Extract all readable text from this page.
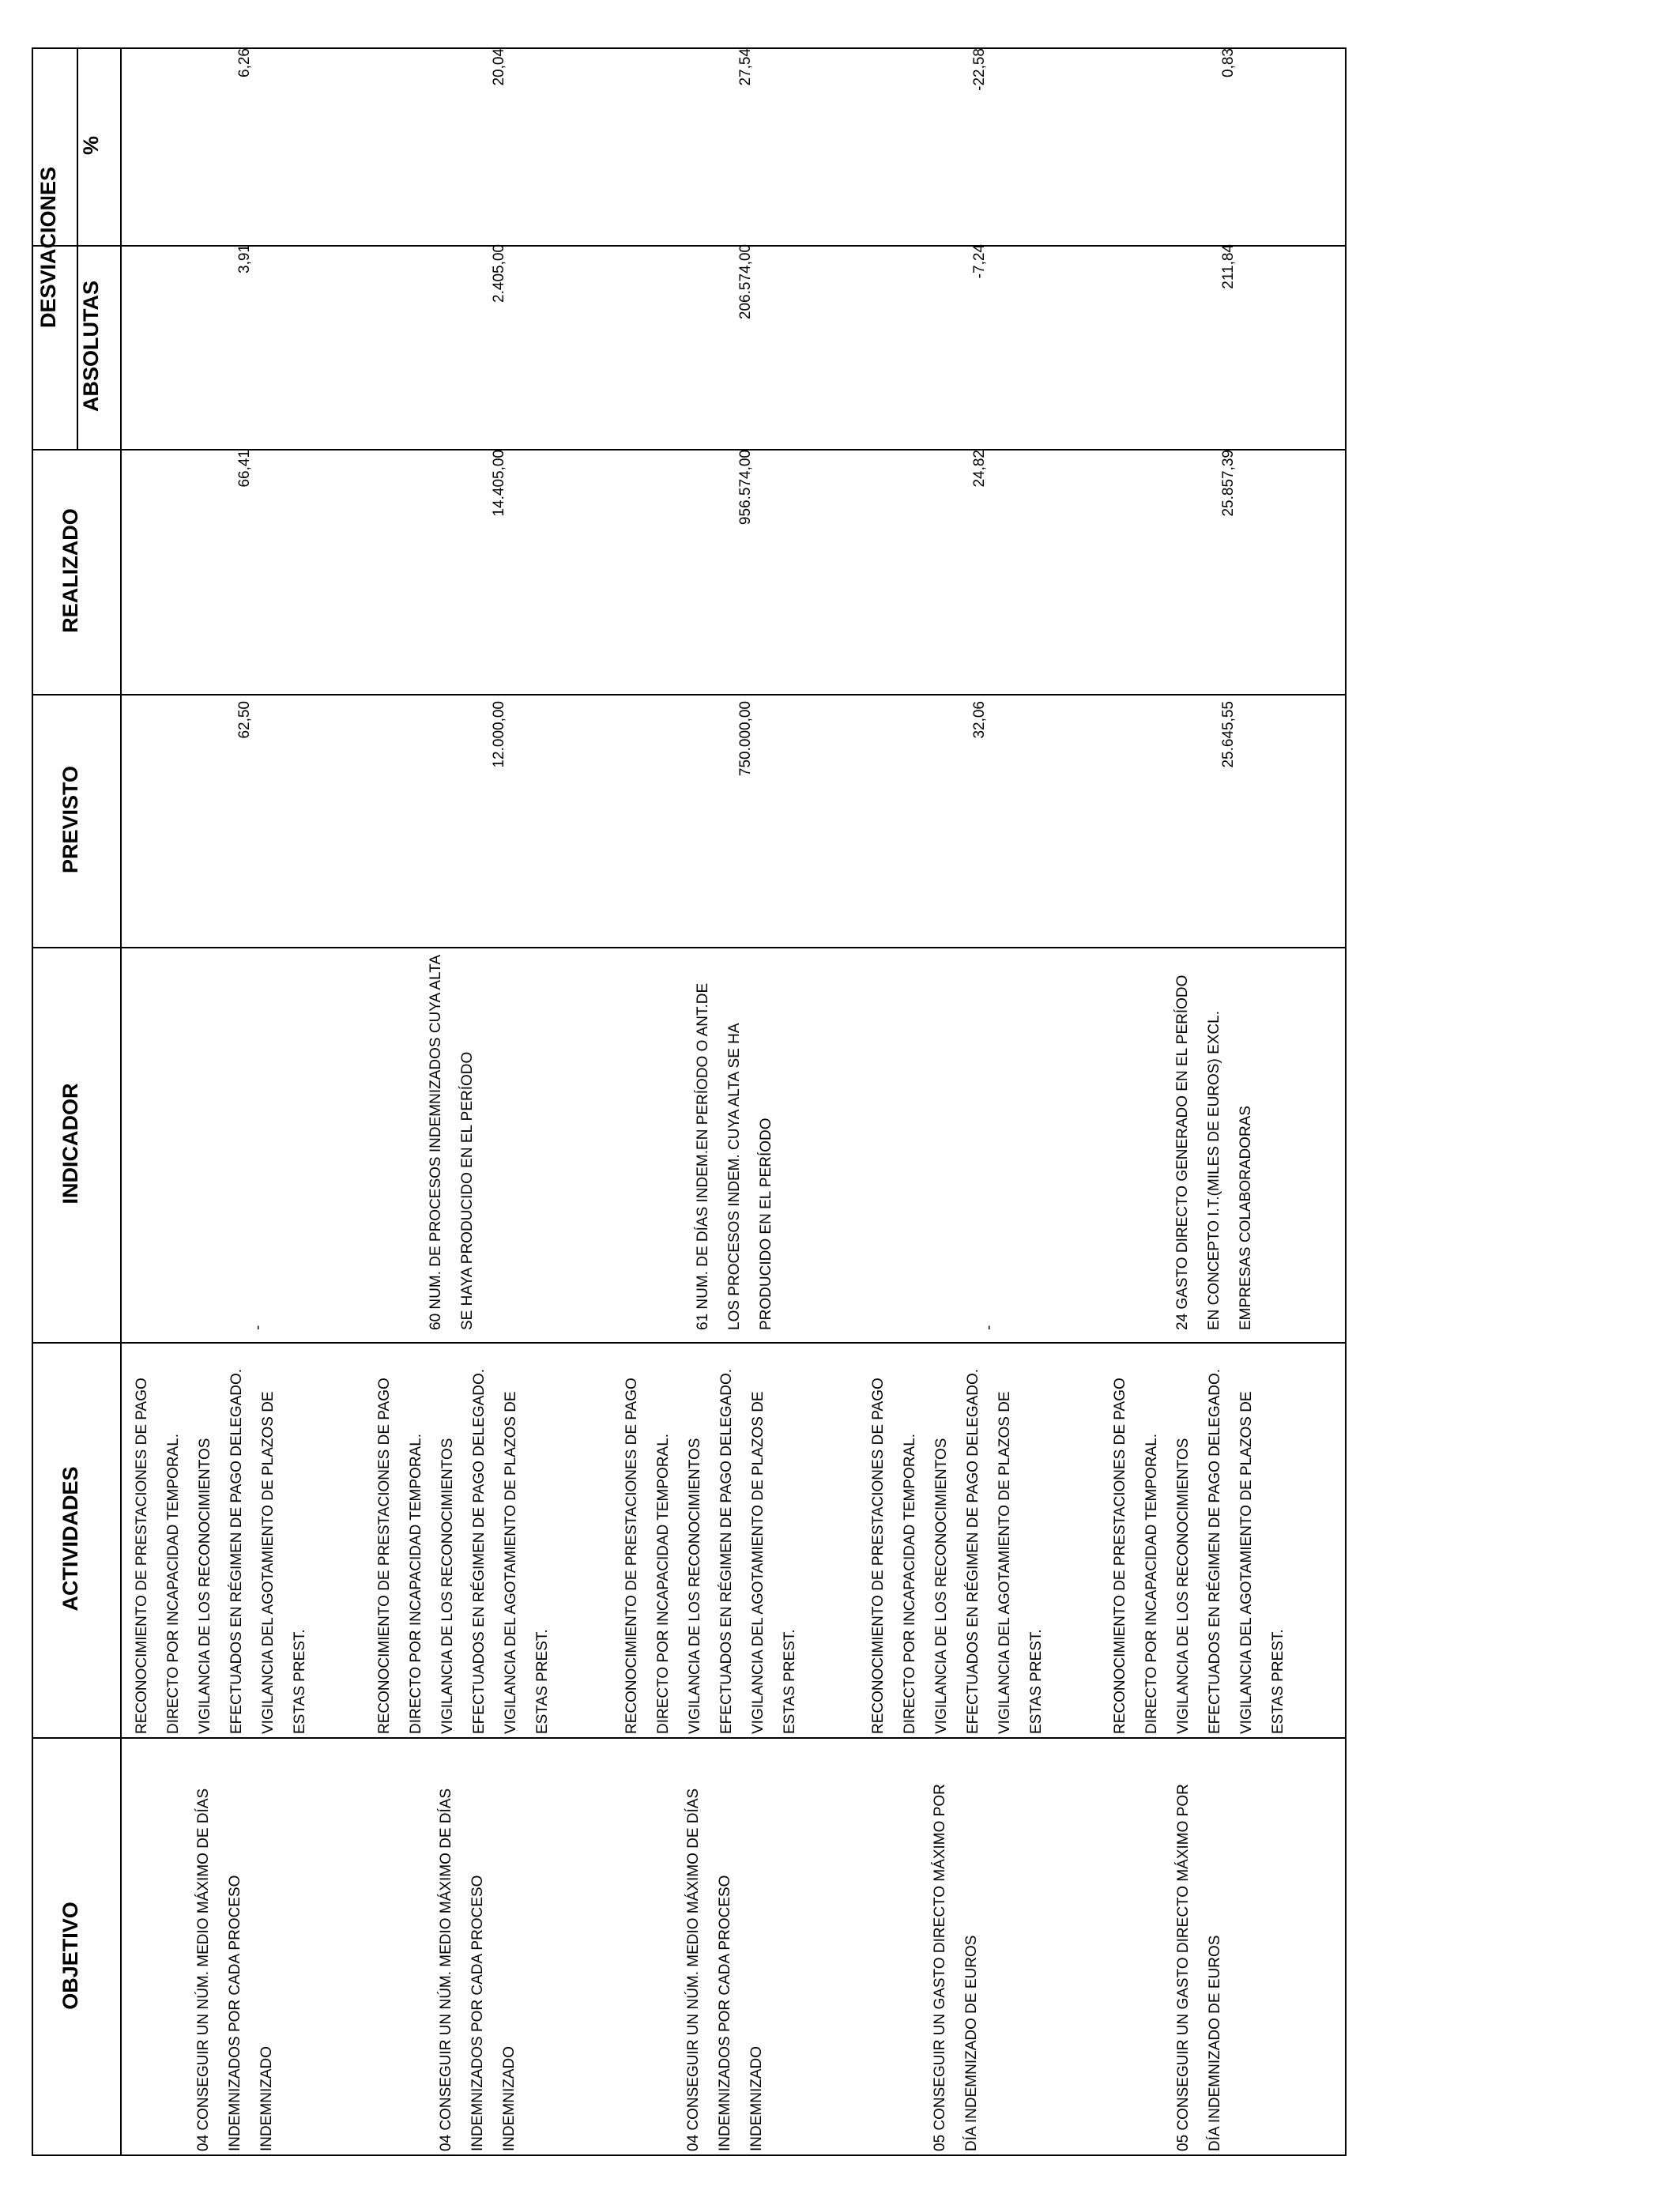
OBJETIVO
ACTIVIDADES
INDICADOR
PREVISTO
REALIZADO
DESVIACIONES
ABSOLUTAS
%
04 CONSEGUIR UN NÚM. MEDIO MÁXIMO DE DÍAS INDEMNIZADOS POR CADA PROCESO INDEMNIZADO
RECONOCIMIENTO DE PRESTACIONES DE PAGO DIRECTO POR INCAPACIDAD TEMPORAL. VIGILANCIA DE LOS RECONOCIMIENTOS EFECTUADOS EN RÉGIMEN DE PAGO DELEGADO. VIGILANCIA DEL AGOTAMIENTO DE PLAZOS DE ESTAS PREST.
-
62,50
66,41
3,91
6,26
04 CONSEGUIR UN NÚM. MEDIO MÁXIMO DE DÍAS INDEMNIZADOS POR CADA PROCESO INDEMNIZADO
RECONOCIMIENTO DE PRESTACIONES DE PAGO DIRECTO POR INCAPACIDAD TEMPORAL. VIGILANCIA DE LOS RECONOCIMIENTOS EFECTUADOS EN RÉGIMEN DE PAGO DELEGADO. VIGILANCIA DEL AGOTAMIENTO DE PLAZOS DE ESTAS PREST.
60 NUM. DE PROCESOS INDEMNIZADOS CUYA ALTA SE HAYA PRODUCIDO EN EL PERÍODO
12.000,00
14.405,00
2.405,00
20,04
04 CONSEGUIR UN NÚM. MEDIO MÁXIMO DE DÍAS INDEMNIZADOS POR CADA PROCESO INDEMNIZADO
RECONOCIMIENTO DE PRESTACIONES DE PAGO DIRECTO POR INCAPACIDAD TEMPORAL. VIGILANCIA DE LOS RECONOCIMIENTOS EFECTUADOS EN RÉGIMEN DE PAGO DELEGADO. VIGILANCIA DEL AGOTAMIENTO DE PLAZOS DE ESTAS PREST.
61 NUM. DE DÍAS INDEM.EN PERÍODO O ANT.DE LOS PROCESOS INDEM. CUYA ALTA SE HA PRODUCIDO EN EL PERÍODO
750.000,00
956.574,00
206.574,00
27,54
05 CONSEGUIR UN GASTO DIRECTO MÁXIMO POR DÍA INDEMNIZADO DE EUROS
RECONOCIMIENTO DE PRESTACIONES DE PAGO DIRECTO POR INCAPACIDAD TEMPORAL. VIGILANCIA DE LOS RECONOCIMIENTOS EFECTUADOS EN RÉGIMEN DE PAGO DELEGADO. VIGILANCIA DEL AGOTAMIENTO DE PLAZOS DE ESTAS PREST.
-
32,06
24,82
-7,24
-22,58
05 CONSEGUIR UN GASTO DIRECTO MÁXIMO POR DÍA INDEMNIZADO DE EUROS
RECONOCIMIENTO DE PRESTACIONES DE PAGO DIRECTO POR INCAPACIDAD TEMPORAL. VIGILANCIA DE LOS RECONOCIMIENTOS EFECTUADOS EN RÉGIMEN DE PAGO DELEGADO. VIGILANCIA DEL AGOTAMIENTO DE PLAZOS DE ESTAS PREST.
24 GASTO DIRECTO GENERADO EN EL PERÍODO EN CONCEPTO I.T.(MILES DE EUROS) EXCL. EMPRESAS COLABORADORAS
25.645,55
25.857,39
211,84
0,83
